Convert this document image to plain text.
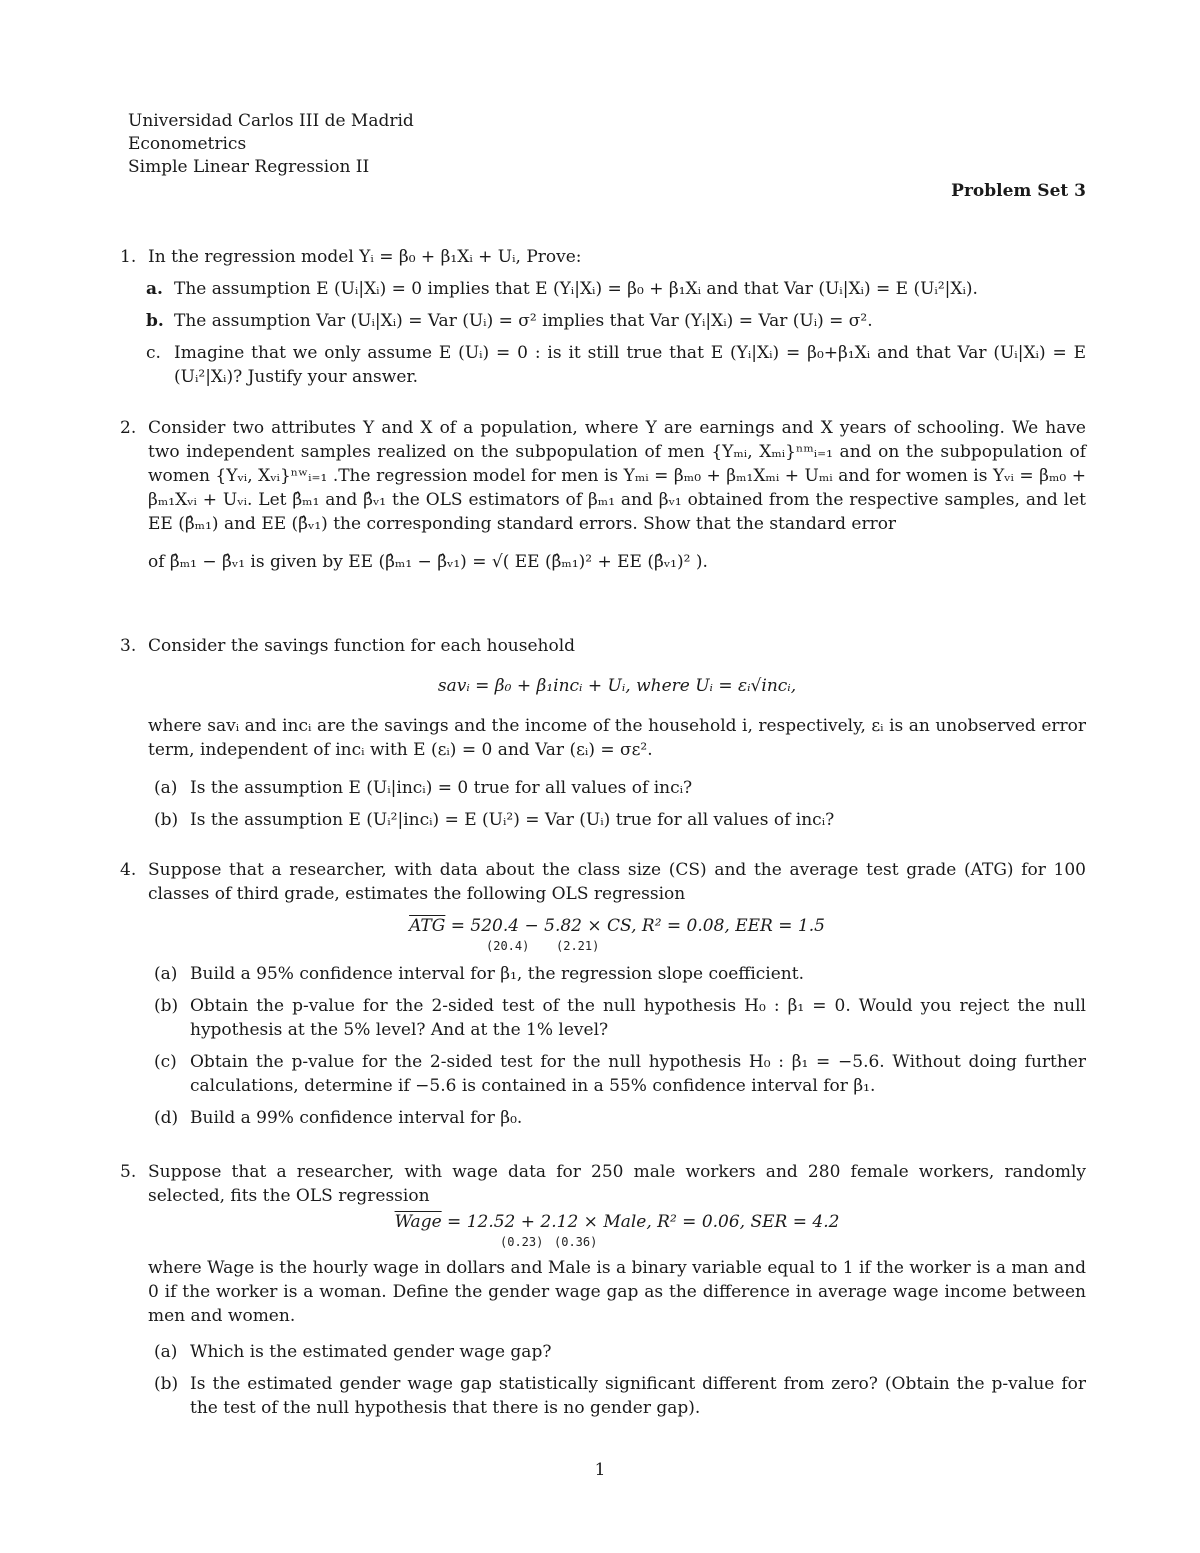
Universidad Carlos III de Madrid
Econometrics
Simple Linear Regression II
Problem Set 3
1. In the regression model Yᵢ = β₀ + β₁Xᵢ + Uᵢ, Prove:
a. The assumption E (Uᵢ|Xᵢ) = 0 implies that E (Yᵢ|Xᵢ) = β₀ + β₁Xᵢ and that Var (Uᵢ|Xᵢ) = E (Uᵢ²|Xᵢ).
b. The assumption Var (Uᵢ|Xᵢ) = Var (Uᵢ) = σ² implies that Var (Yᵢ|Xᵢ) = Var (Uᵢ) = σ².
c. Imagine that we only assume E (Uᵢ) = 0 : is it still true that E (Yᵢ|Xᵢ) = β₀+β₁Xᵢ and that Var (Uᵢ|Xᵢ) = E (Uᵢ²|Xᵢ)? Justify your answer.
2. Consider two attributes Y and X of a population, where Y are earnings and X years of schooling. We have two independent samples realized on the subpopulation of men {Yₘᵢ, Xₘᵢ}ⁿᵐᵢ₌₁ and on the subpopulation of women {Yᵥᵢ, Xᵥᵢ}ⁿʷᵢ₌₁ .The regression model for men is Yₘᵢ = βₘ₀ + βₘ₁Xₘᵢ + Uₘᵢ and for women is Yᵥᵢ = βₘ₀ + βₘ₁Xᵥᵢ + Uᵥᵢ. Let β̂ₘ₁ and β̂ᵥ₁ the OLS estimators of βₘ₁ and βᵥ₁ obtained from the respective samples, and let EE (β̂ₘ₁) and EE (β̂ᵥ₁) the corresponding standard errors. Show that the standard error
of β̂ₘ₁ − β̂ᵥ₁ is given by EE (β̂ₘ₁ − β̂ᵥ₁) = √( EE (β̂ₘ₁)² + EE (β̂ᵥ₁)² ).
3. Consider the savings function for each household
savᵢ = β₀ + β₁incᵢ + Uᵢ, where Uᵢ = εᵢ√incᵢ,
where savᵢ and incᵢ are the savings and the income of the household i, respectively, εᵢ is an unobserved error term, independent of incᵢ with E (εᵢ) = 0 and Var (εᵢ) = σε².
(a) Is the assumption E (Uᵢ|incᵢ) = 0 true for all values of incᵢ?
(b) Is the assumption E (Uᵢ²|incᵢ) = E (Uᵢ²) = Var (Uᵢ) true for all values of incᵢ?
4. Suppose that a researcher, with data about the class size (CS) and the average test grade (ATG) for 100 classes of third grade, estimates the following OLS regression
$\overline{ATG} = 520.4 - 5.82$ × CS, R² = 0.08, EER = 1.5
(20.4) (2.21)
(a) Build a 95% confidence interval for β₁, the regression slope coefficient.
(b) Obtain the p-value for the 2-sided test of the null hypothesis H₀ : β₁ = 0. Would you reject the null hypothesis at the 5% level? And at the 1% level?
(c) Obtain the p-value for the 2-sided test for the null hypothesis H₀ : β₁ = −5.6. Without doing further calculations, determine if −5.6 is contained in a 55% confidence interval for β₁.
(d) Build a 99% confidence interval for β₀.
5. Suppose that a researcher, with wage data for 250 male workers and 280 female workers, randomly selected, fits the OLS regression
Wage = 12.52 + 2.12 × Male, R² = 0.06, SER = 4.2
(0.23) (0.36)
where Wage is the hourly wage in dollars and Male is a binary variable equal to 1 if the worker is a man and 0 if the worker is a woman. Define the gender wage gap as the difference in average wage income between men and women.
(a) Which is the estimated gender wage gap?
(b) Is the estimated gender wage gap statistically significant different from zero? (Obtain the p-value for the test of the null hypothesis that there is no gender gap).
1
